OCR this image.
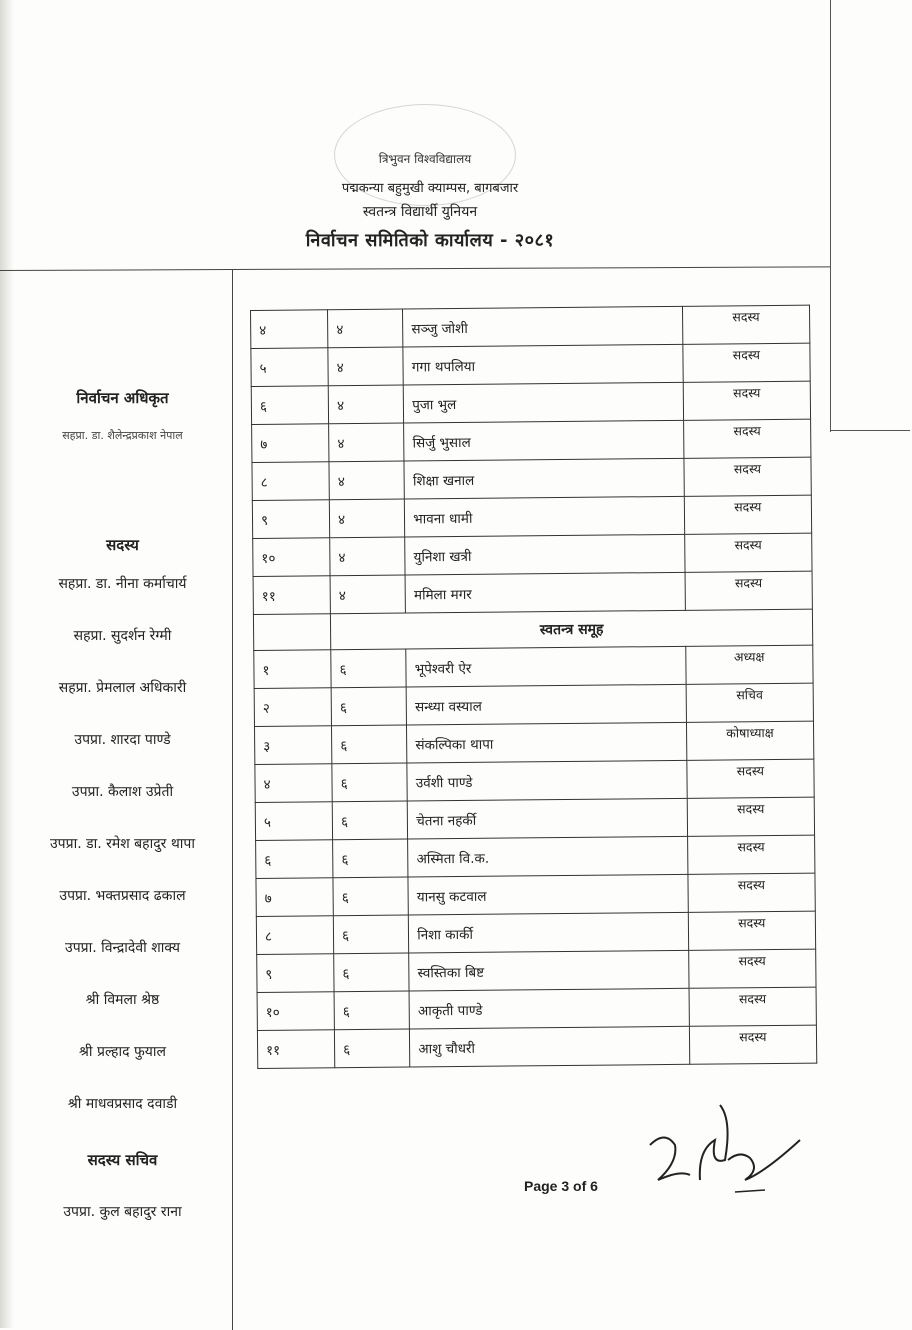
त्रिभुवन विश्वविद्यालय
पद्मकन्या बहुमुखी क्याम्पस, बागबजार
स्वतन्त्र विद्यार्थी युनियन
निर्वाचन समितिको कार्यालय - २०८१
निर्वाचन अधिकृत
सहप्रा. डा. शैलेन्द्रप्रकाश नेपाल
सदस्य
सहप्रा. डा. नीना कर्माचार्य
सहप्रा. सुदर्शन रेग्मी
सहप्रा. प्रेमलाल अधिकारी
उपप्रा. शारदा पाण्डे
उपप्रा. कैलाश उप्रेती
उपप्रा. डा. रमेश बहादुर थापा
उपप्रा. भक्तप्रसाद ढकाल
उपप्रा. विन्द्रादेवी शाक्य
श्री विमला श्रेष्ठ
श्री प्रल्हाद फुयाल
श्री माधवप्रसाद दवाडी
सदस्य सचिव
उपप्रा. कुल बहादुर राना
४	४	सञ्जु जोशी	सदस्य
५	४	गगा थपलिया	सदस्य
६	४	पुजा भुल	सदस्य
७	४	सिर्जु भुसाल	सदस्य
८	४	शिक्षा खनाल	सदस्य
९	४	भावना धामी	सदस्य
१०	४	युनिशा खत्री	सदस्य
११	४	ममिला मगर	सदस्य
	स्वतन्त्र समूह		
१	६	भूपेश्वरी ऐर	अध्यक्ष
२	६	सन्ध्या वस्याल	सचिव
३	६	संकल्पिका थापा	कोषाध्याक्ष
४	६	उर्वशी पाण्डे	सदस्य
५	६	चेतना नहर्की	सदस्य
६	६	अस्मिता वि.क.	सदस्य
७	६	यानसु कटवाल	सदस्य
८	६	निशा कार्की	सदस्य
९	६	स्वस्तिका बिष्ट	सदस्य
१०	६	आकृती पाण्डे	सदस्य
११	६	आशु चौधरी	सदस्य
Page 3 of 6
